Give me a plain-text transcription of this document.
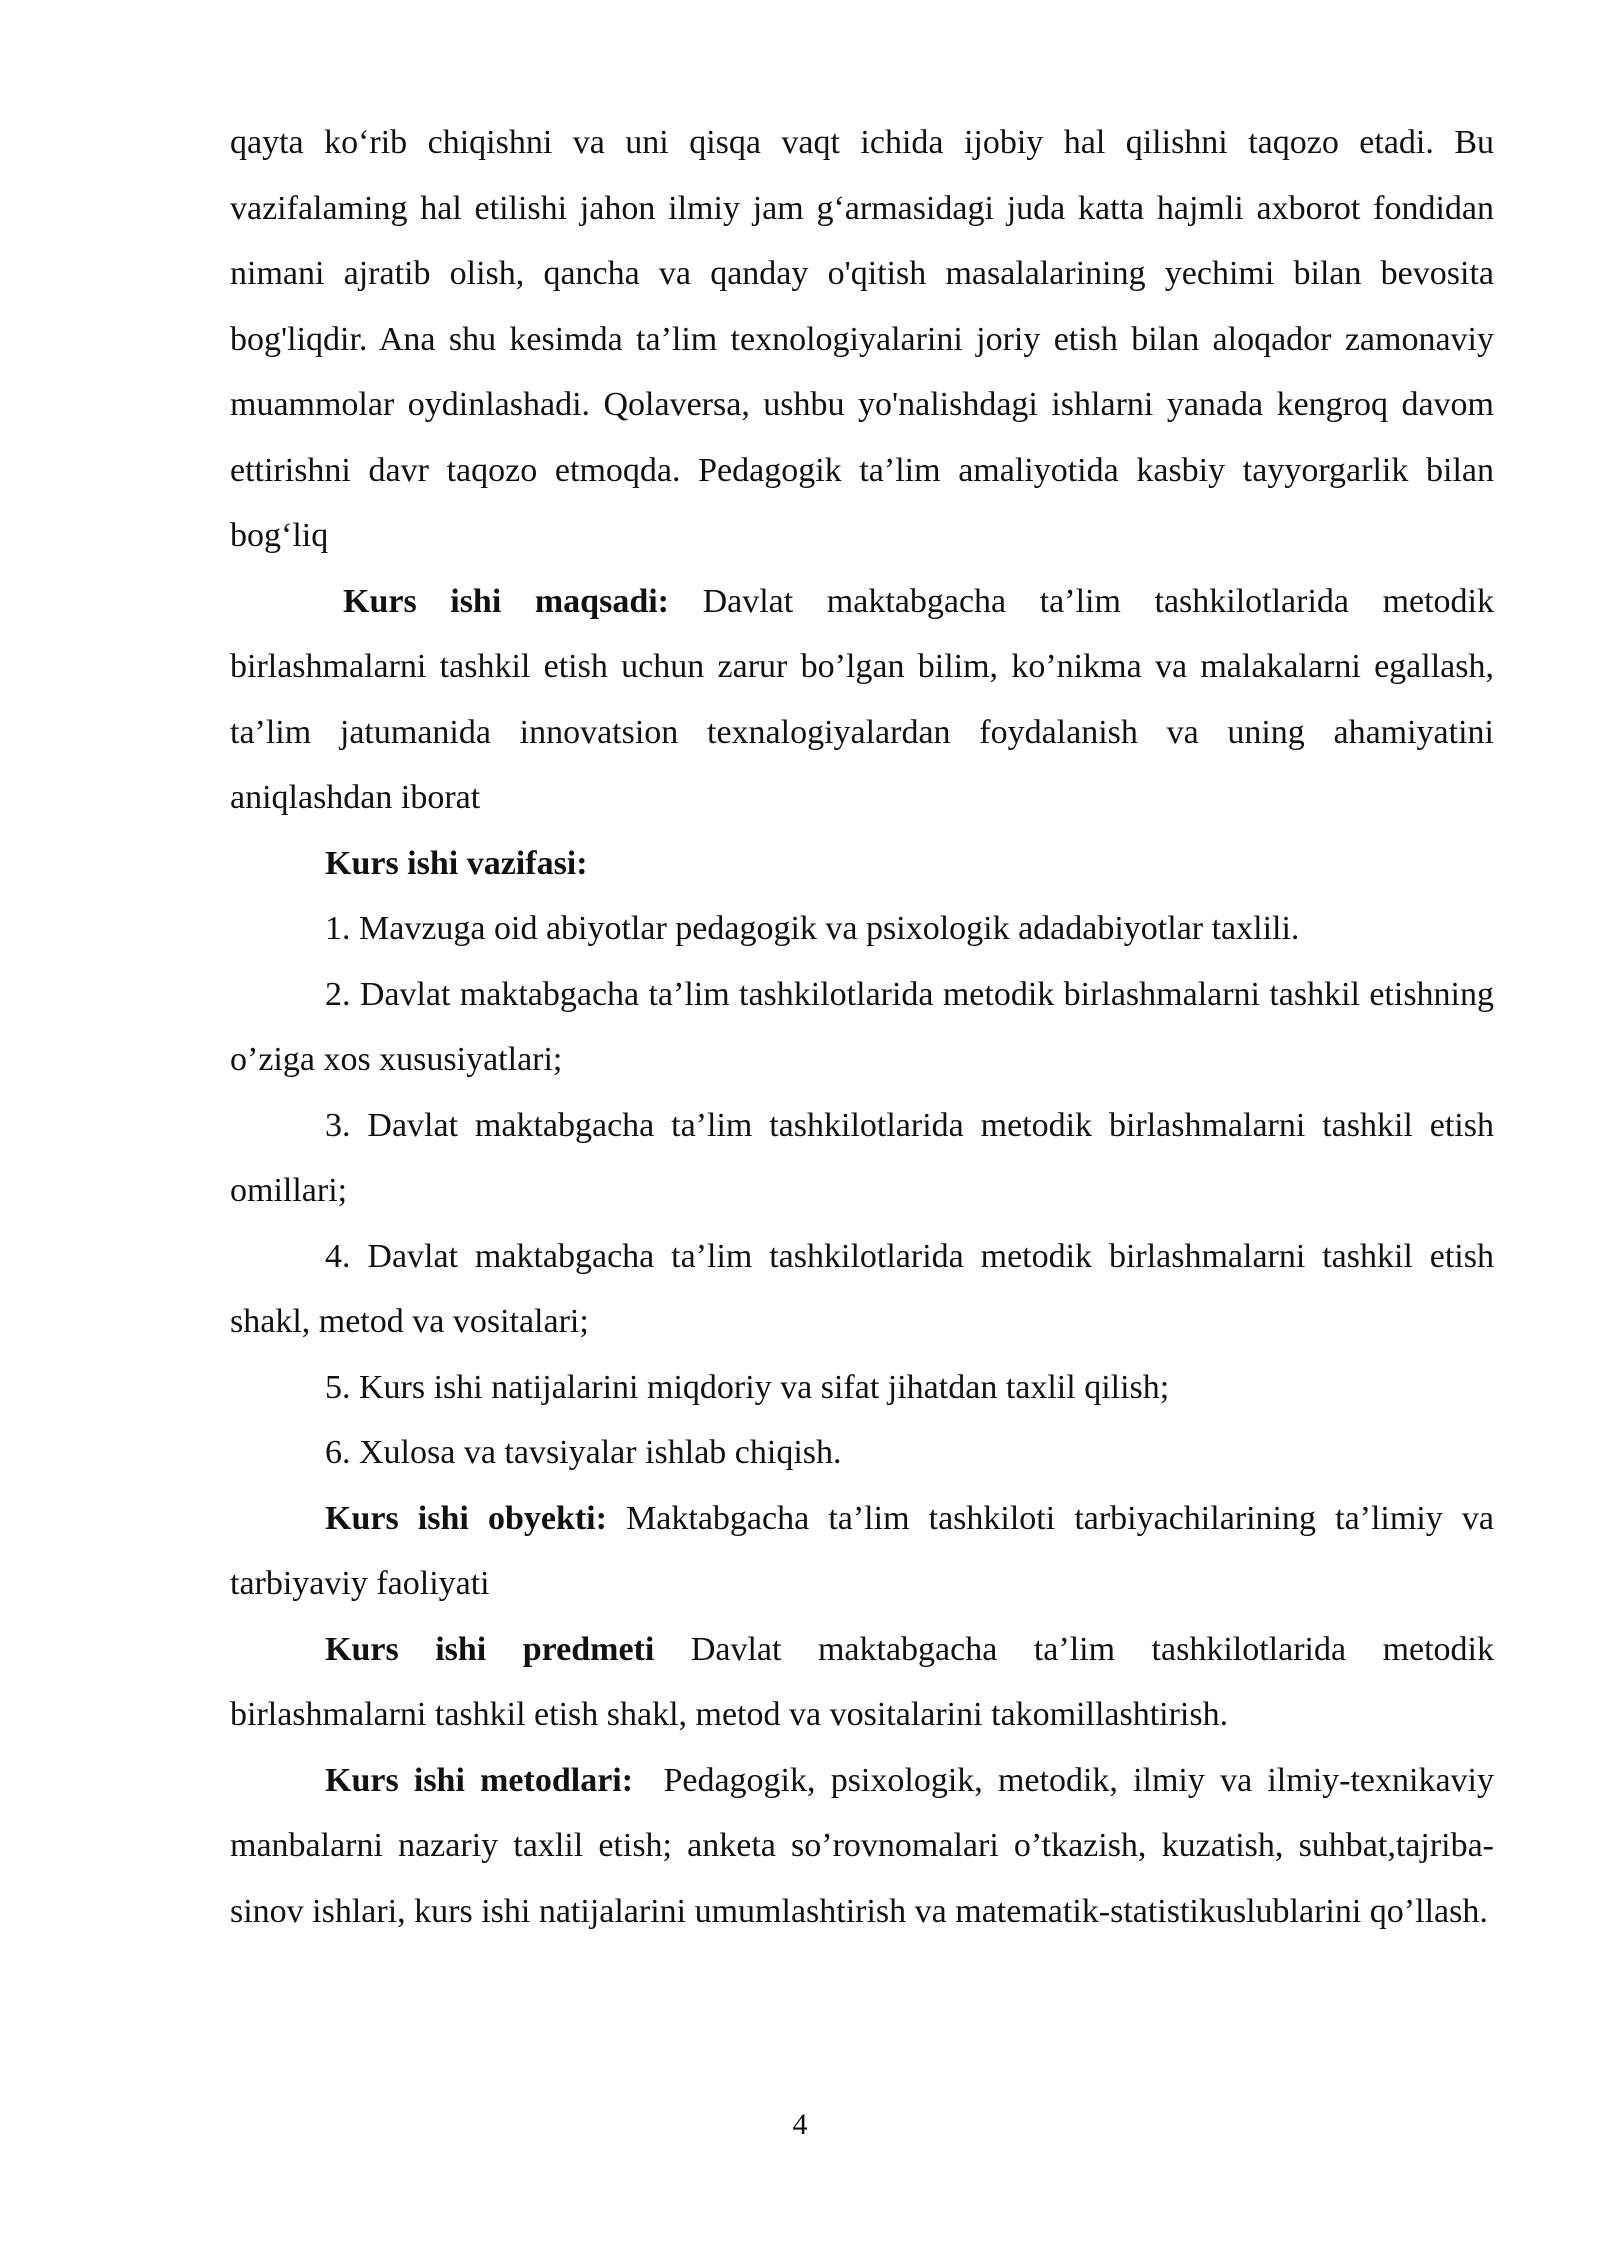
qayta koʻrib chiqishni va uni qisqa vaqt ichida ijobiy hal qilishni taqozo etadi. Bu vazifalaming hal etilishi jahon ilmiy jam gʻarmasidagi juda katta hajmli axborot fondidan nimani ajratib olish, qancha va qanday o'qitish masalalarining yechimi bilan bevosita bog'liqdir. Ana shu kesimda ta’lim texnologiyalarini joriy etish bilan aloqador zamonaviy muammolar oydinlashadi. Qolaversa, ushbu yo'nalishdagi ishlarni yanada kengroq davom ettirishni davr taqozo etmoqda. Pedagogik ta’lim amaliyotida kasbiy tayyorgarlik bilan bogʻliq

Kurs ishi maqsadi: Davlat maktabgacha ta’lim tashkilotlarida metodik birlashmalarni tashkil etish uchun zarur bo’lgan bilim, ko’nikma va malakalarni egallash, ta’lim jatumanida innovatsion texnalogiyalardan foydalanish va uning ahamiyatini aniqlashdan iborat

Kurs ishi vazifasi:

1. Mavzuga oid abiyotlar pedagogik va psixologik adadabiyotlar taxlili.

2. Davlat maktabgacha ta’lim tashkilotlarida metodik birlashmalarni tashkil etishning o’ziga xos xususiyatlari;

3. Davlat maktabgacha ta’lim tashkilotlarida metodik birlashmalarni tashkil etish omillari;

4. Davlat maktabgacha ta’lim tashkilotlarida metodik birlashmalarni tashkil etish shakl, metod va vositalari;

5. Kurs ishi natijalarini miqdoriy va sifat jihatdan taxlil qilish;

6. Xulosa va tavsiyalar ishlab chiqish.

Kurs ishi obyekti: Maktabgacha ta’lim tashkiloti tarbiyachilarining ta’limiy va tarbiyaviy faoliyati

Kurs ishi predmeti Davlat maktabgacha ta’lim tashkilotlarida metodik birlashmalarni tashkil etish shakl, metod va vositalarini takomillashtirish.

Kurs ishi metodlari:  Pedagogik, psixologik, metodik, ilmiy va ilmiy-texnikaviy manbalarni nazariy taxlil etish; anketa so’rovnomalari o’tkazish, kuzatish, suhbat,tajriba-sinov ishlari, kurs ishi natijalarini umumlashtirish va matematik-statistikuslublarini qo’llash.

4
